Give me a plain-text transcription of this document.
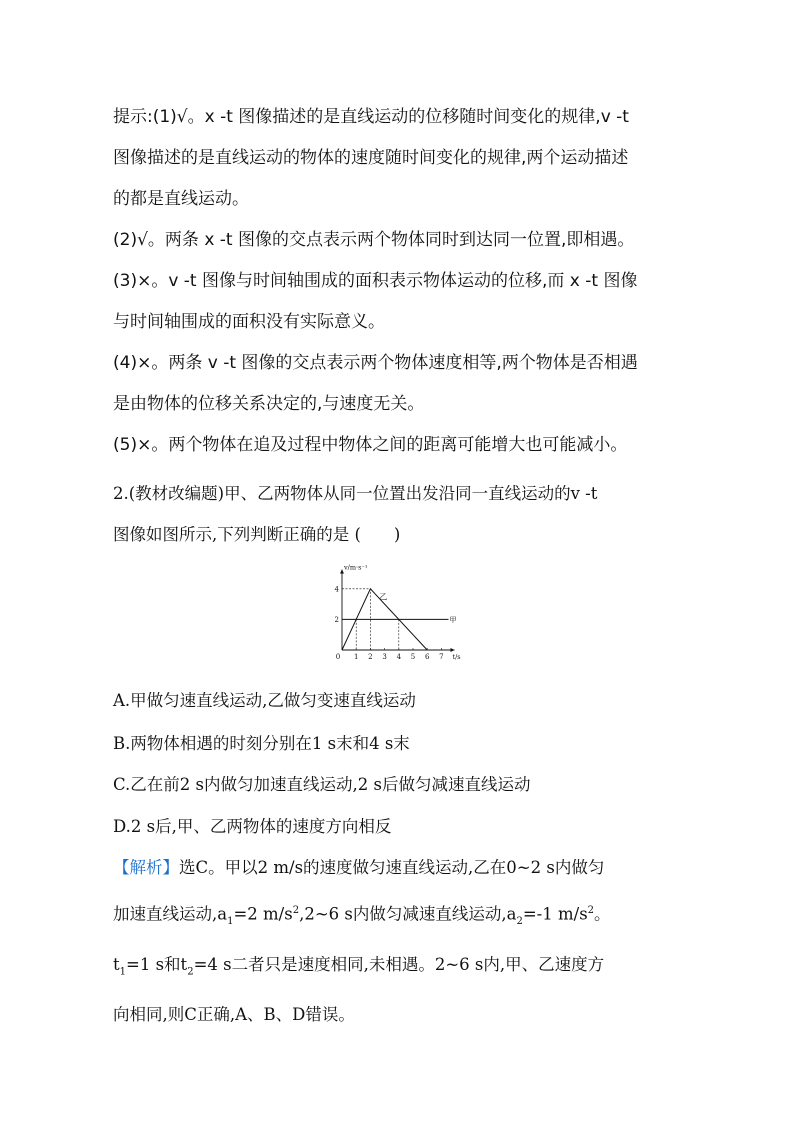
提示:(1)√。x -t 图像描述的是直线运动的位移随时间变化的规律,v -t
图像描述的是直线运动的物体的速度随时间变化的规律,两个运动描述
的都是直线运动。
(2)√。两条 x -t 图像的交点表示两个物体同时到达同一位置,即相遇。
(3)×。v -t 图像与时间轴围成的面积表示物体运动的位移,而 x -t 图像
与时间轴围成的面积没有实际意义。
(4)×。两条 v -t 图像的交点表示两个物体速度相等,两个物体是否相遇
是由物体的位移关系决定的,与速度无关。
(5)×。两个物体在追及过程中物体之间的距离可能增大也可能减小。
2.(教材改编题)甲、乙两物体从同一位置出发沿同一直线运动的v -t
图像如图所示,下列判断正确的是 (　　)
v/m·s⁻¹
t/s
0 1 2 3 4 5 6 7
2
4
甲
乙
A.甲做匀速直线运动,乙做匀变速直线运动
B.两物体相遇的时刻分别在1 s末和4 s末
C.乙在前2 s内做匀加速直线运动,2 s后做匀减速直线运动
D.2 s后,甲、乙两物体的速度方向相反
【解析】选C。甲以2 m/s的速度做匀速直线运动,乙在0~2 s内做匀
加速直线运动$,a_1=2$ $m/s^2,2\sim 6$ s内做匀减速直线运动$,a_2=-1$ $m/s^2$。
$t_1=1$ s和$t_2=4$ s二者只是速度相同,未相遇。2~6 s内,甲、乙速度方
向相同,则C正确,A、B、D错误。
